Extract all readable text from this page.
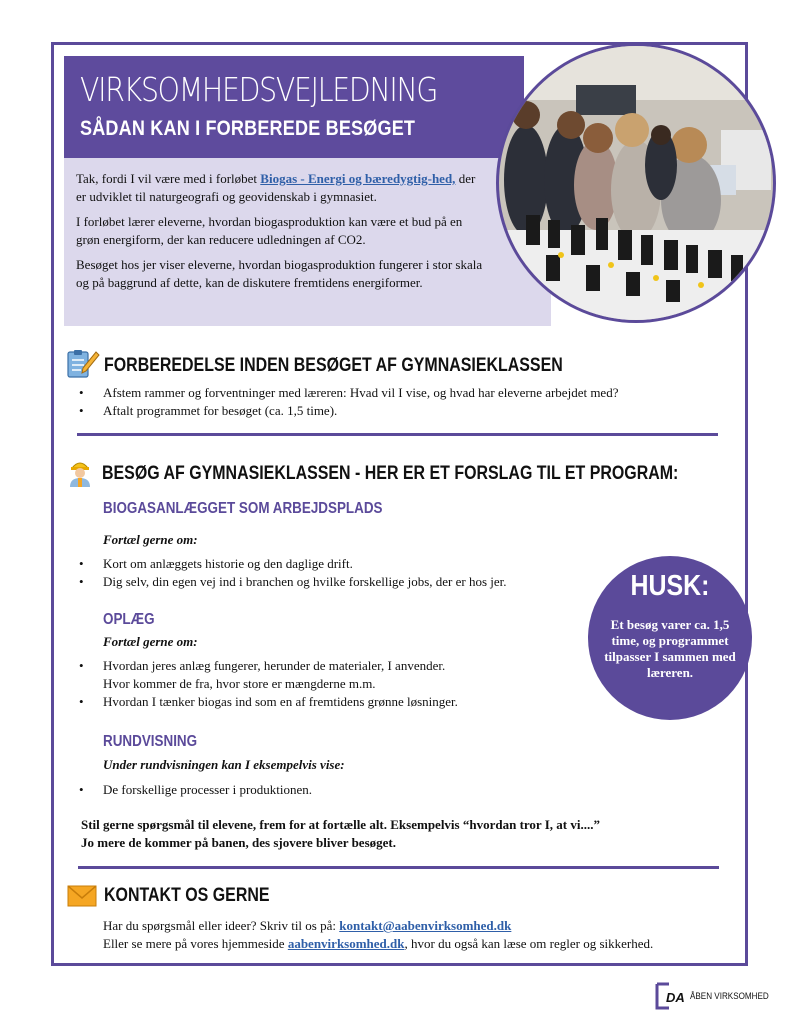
VIRKSOMHEDSVEJLEDNING
SÅDAN KAN I FORBEREDE BESØGET

Tak, fordi I vil være med i forløbet Biogas - Energi og bæredygtig-hed, der er udviklet til naturgeografi og geovidenskab i gymnasiet.

I forløbet lærer eleverne, hvordan biogasproduktion kan være et bud på en grøn energiform, der kan reducere udledningen af CO2.

Besøget hos jer viser eleverne, hvordan biogasproduktion fungerer i stor skala og på baggrund af dette, kan de diskutere fremtidens energiformer.

FORBEREDELSE INDEN BESØGET AF GYMNASIEKLASSEN
• Afstem rammer og forventninger med læreren: Hvad vil I vise, og hvad har eleverne arbejdet med?
• Aftalt programmet for besøget (ca. 1,5 time).
BESØG AF GYMNASIEKLASSEN - HER ER ET FORSLAG TIL ET PROGRAM:
BIOGASANLÆGGET SOM ARBEJDSPLADS
Fortæl gerne om:
• Kort om anlæggets historie og den daglige drift.
• Dig selv, din egen vej ind i branchen og hvilke forskellige jobs, der er hos jer.
OPLÆG
Fortæl gerne om:
• Hvordan jeres anlæg fungerer, herunder de materialer, I anvender.
Hvor kommer de fra, hvor store er mængderne m.m.
• Hvordan I tænker biogas ind som en af fremtidens grønne løsninger.
RUNDVISNING
Under rundvisningen kan I eksempelvis vise:
• De forskellige processer i produktionen.
Stil gerne spørgsmål til elevene, frem for at fortælle alt. Eksempelvis “hvordan tror I, at vi....”
Jo mere de kommer på banen, des sjovere bliver besøget.
HUSK:
Et besøg varer ca. 1,5 time, og programmet tilpasser I sammen med læreren.
KONTAKT OS GERNE
Har du spørgsmål eller ideer? Skriv til os på: kontakt@aabenvirksomhed.dk
Eller se mere på vores hjemmeside aabenvirksomhed.dk, hvor du også kan læse om regler og sikkerhed.
DA ÅBEN VIRKSOMHED
